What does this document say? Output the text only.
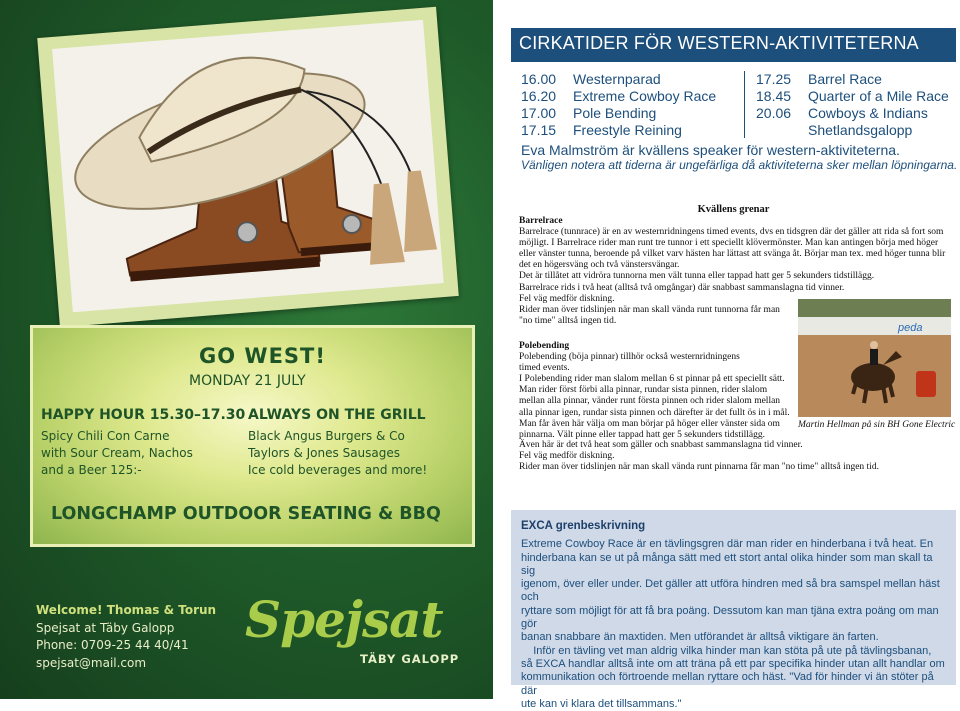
GO WEST!
MONDAY 21 JULY
HAPPY HOUR 15.30–17.30
Spicy Chili Con Carne
with Sour Cream, Nachos
and a Beer 125:-
ALWAYS ON THE GRILL
Black Angus Burgers & Co
Taylors & Jones Sausages
Ice cold beverages and more!
LONGCHAMP OUTDOOR SEATING & BBQ
Welcome! Thomas & Torun
Spejsat at Täby Galopp
Phone: 0709-25 44 40/41
spejsat@mail.com
Spejsat
TÄBY GALOPP
CIRKATIDER FÖR WESTERN-AKTIVITETERNA
16.00 Westernparad
16.20 Extreme Cowboy Race
17.00 Pole Bending
17.15 Freestyle Reining
17.25 Barrel Race
18.45 Quarter of a Mile Race
20.06 Cowboys & Indians
Shetlandsgalopp
Eva Malmström är kvällens speaker för western-aktiviteterna.
Vänligen notera att tiderna är ungefärliga då aktiviteterna sker mellan löpningarna.
Kvällens grenar
Barrelrace
Barrelrace (tunnrace) är en av westernridningens timed events, dvs en tidsgren där det gäller att rida så fort som
möjligt. I Barrelrace rider man runt tre tunnor i ett speciellt klövermönster. Man kan antingen börja med höger
eller vänster tunna, beroende på vilket varv hästen har lättast att svänga åt. Börjar man tex. med höger tunna blir
det en högersväng och två vänstersvängar.
Det är tillåtet att vidröra tunnorna men vält tunna eller tappad hatt ger 5 sekunders tidstillägg.
Barrelrace rids i två heat (alltså två omgångar) där snabbast sammanslagna tid vinner.
Fel väg medför diskning.
Rider man över tidslinjen när man skall vända runt tunnorna får man
"no time" alltså ingen tid.
Polebending
Polebending (böja pinnar) tillhör också westernridningens
timed events.
I Polebending rider man slalom mellan 6 st pinnar på ett speciellt sätt.
Man rider först förbi alla pinnar, rundar sista pinnen, rider slalom
mellan alla pinnar, vänder runt första pinnen och rider slalom mellan
alla pinnar igen, rundar sista pinnen och därefter är det fullt ös in i mål.
Man får även här välja om man börjar på höger eller vänster sida om
pinnarna. Vält pinne eller tappad hatt ger 5 sekunders tidstillägg.
Även här är det två heat som gäller och snabbast sammanslagna tid vinner.
Fel väg medför diskning.
Rider man över tidslinjen när man skall vända runt pinnarna får man "no time" alltså ingen tid.
peda
Martin Hellman på sin BH Gone Electric
EXCA grenbeskrivning
Extreme Cowboy Race är en tävlingsgren där man rider en hinderbana i två heat. En
hinderbana kan se ut på många sätt med ett stort antal olika hinder som man skall ta sig
igenom, över eller under. Det gäller att utföra hindren med så bra samspel mellan häst och
ryttare som möjligt för att få bra poäng. Dessutom kan man tjäna extra poäng om man gör
banan snabbare än maxtiden. Men utförandet är alltså viktigare än farten.
Inför en tävling vet man aldrig vilka hinder man kan stöta på ute på tävlingsbanan,
så EXCA handlar alltså inte om att träna på ett par specifika hinder utan allt handlar om
kommunikation och förtroende mellan ryttare och häst. "Vad för hinder vi än stöter på där
ute kan vi klara det tillsammans."
